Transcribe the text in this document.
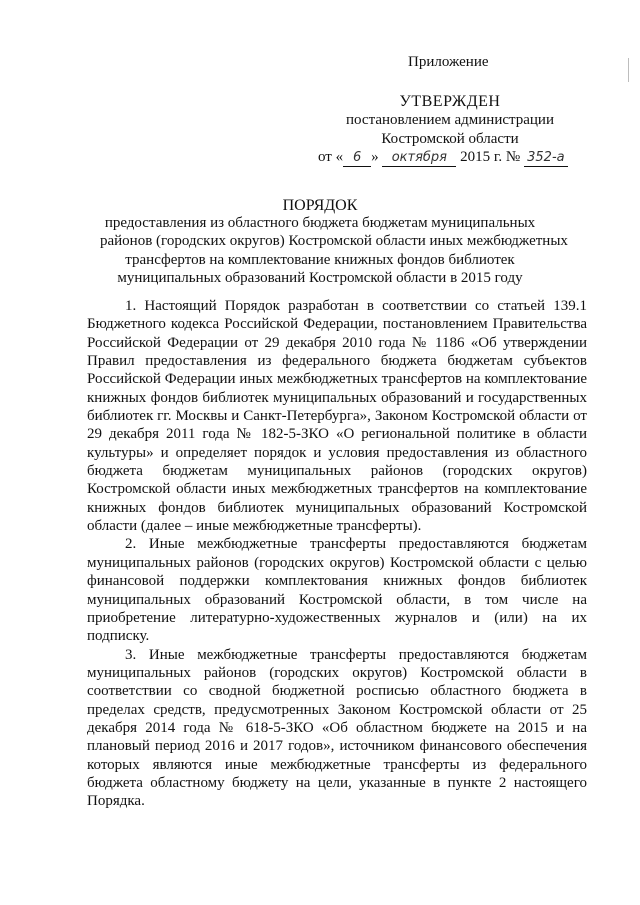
Приложение
УТВЕРЖДЕН
постановлением администрации
Костромской области
от « 6 » октября 2015 г. № 352-а
ПОРЯДОК
предоставления из областного бюджета бюджетам муниципальных
районов (городских округов) Костромской области иных межбюджетных
трансфертов на комплектование книжных фондов библиотек
муниципальных образований Костромской области в 2015 году

1. Настоящий Порядок разработан в соответствии со статьей 139.1 Бюджетного кодекса Российской Федерации, постановлением Правительства Российской Федерации от 29 декабря 2010 года № 1186 «Об утверждении Правил предоставления из федерального бюджета бюджетам субъектов Российской Федерации иных межбюджетных трансфертов на комплектование книжных фондов библиотек муниципальных образований и государственных библиотек гг. Москвы и Санкт-Петербурга», Законом Костромской области от 29 декабря 2011 года № 182-5-ЗКО «О региональной политике в области культуры» и определяет порядок и условия предоставления из областного бюджета бюджетам муниципальных районов (городских округов) Костромской области иных межбюджетных трансфертов на комплектование книжных фондов библиотек муниципальных образований Костромской области (далее – иные межбюджетные трансферты).

2. Иные межбюджетные трансферты предоставляются бюджетам муниципальных районов (городских округов) Костромской области с целью финансовой поддержки комплектования книжных фондов библиотек муниципальных образований Костромской области, в том числе на приобретение литературно-художественных журналов и (или) на их подписку.

3. Иные межбюджетные трансферты предоставляются бюджетам муниципальных районов (городских округов) Костромской области в соответствии со сводной бюджетной росписью областного бюджета в пределах средств, предусмотренных Законом Костромской области от 25 декабря 2014 года № 618-5-ЗКО «Об областном бюджете на 2015 и на плановый период 2016 и 2017 годов», источником финансового обеспечения которых являются иные межбюджетные трансферты из федерального бюджета областному бюджету на цели, указанные в пункте 2 настоящего Порядка.
